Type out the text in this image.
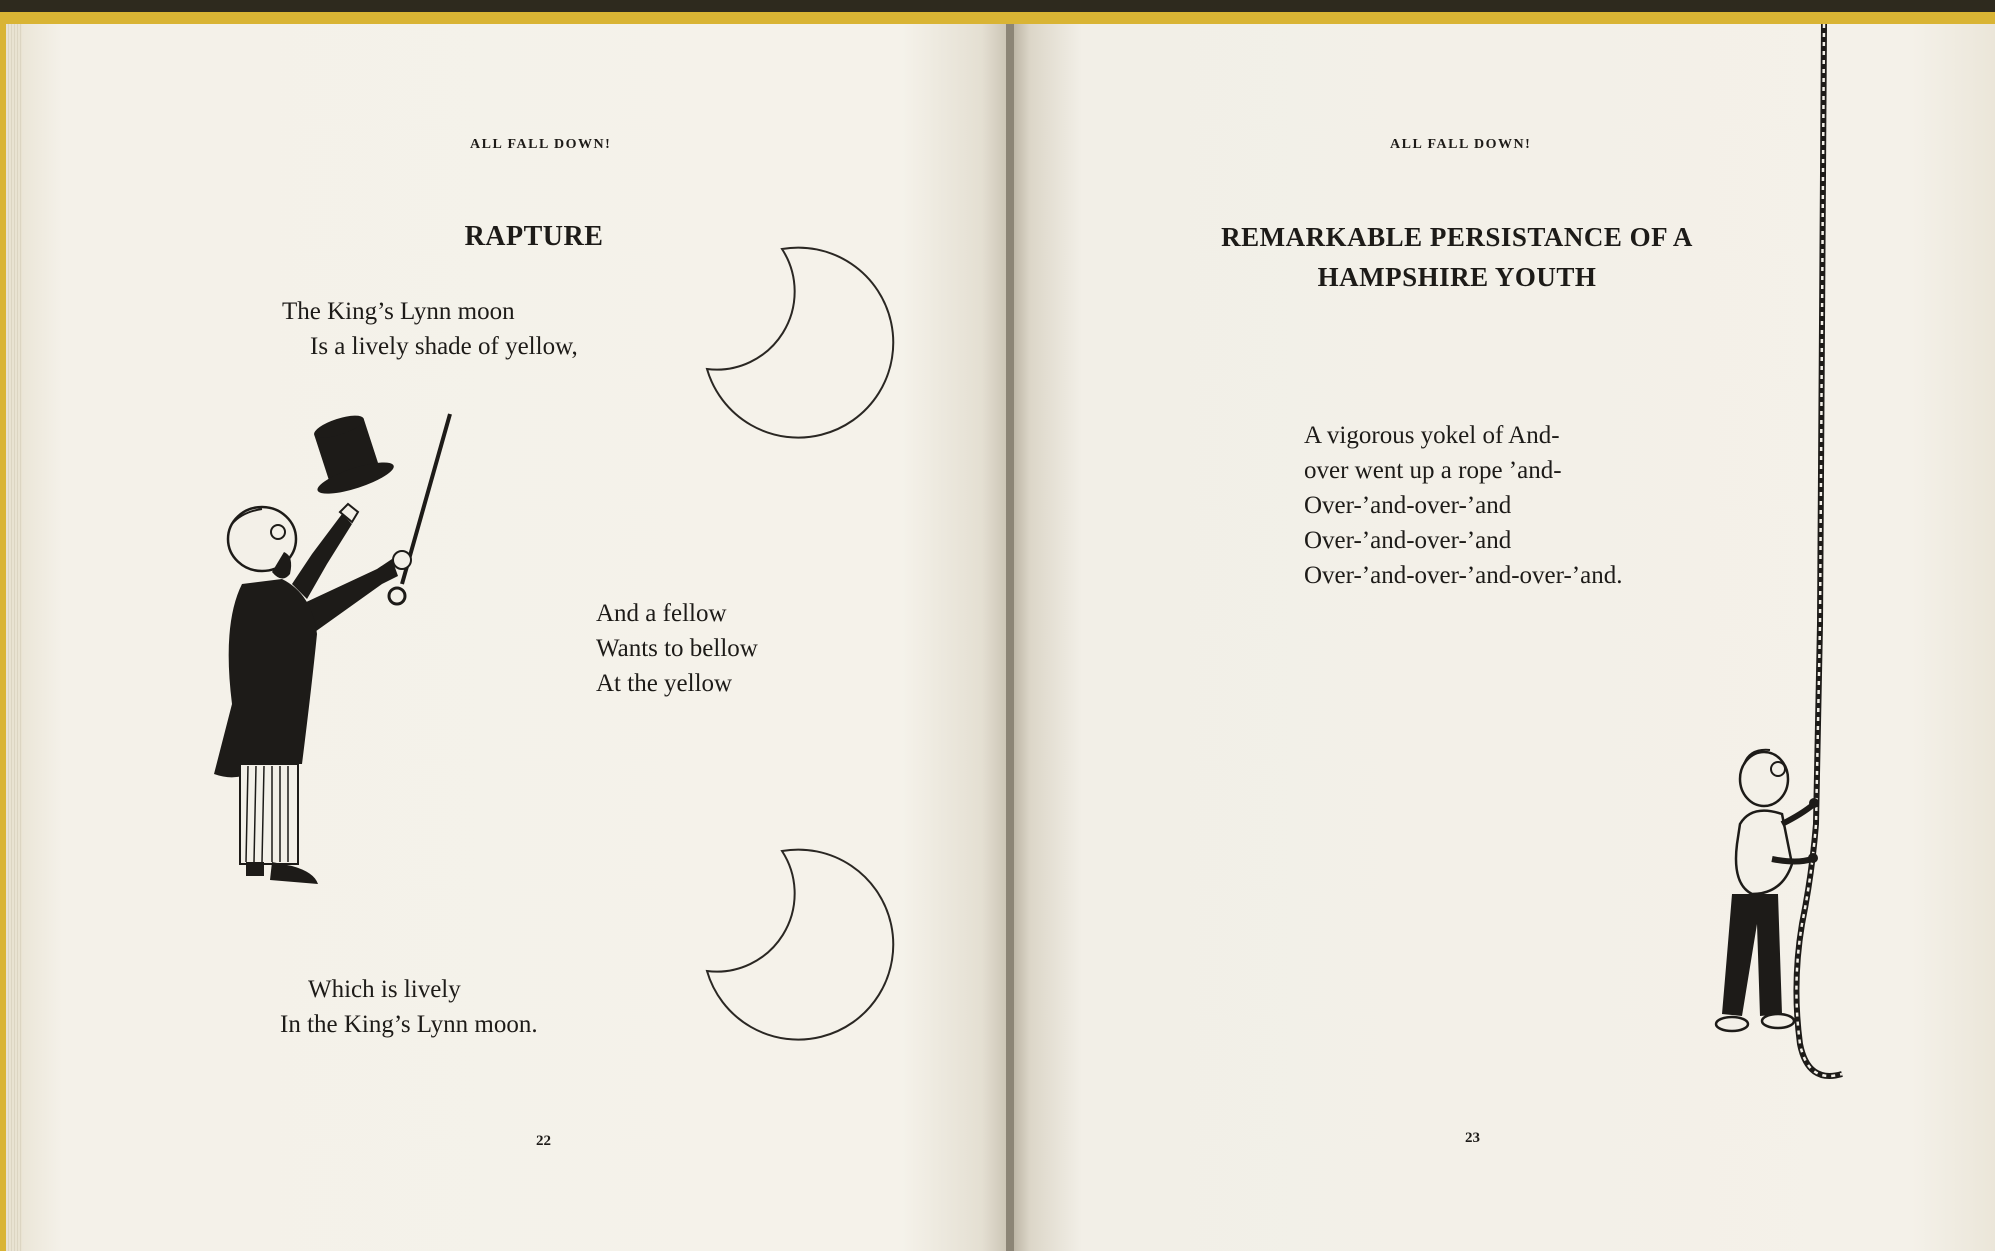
ALL FALL DOWN!
RAPTURE
The King’s Lynn moon
Is a lively shade of yellow,
And a fellow
Wants to bellow
At the yellow
Which is lively
In the King’s Lynn moon.
22
ALL FALL DOWN!
REMARKABLE PERSISTANCE OF A
HAMPSHIRE YOUTH
A vigorous yokel of And-
over went up a rope ’and-
Over-’and-over-’and
Over-’and-over-’and
Over-’and-over-’and-over-’and.
23
